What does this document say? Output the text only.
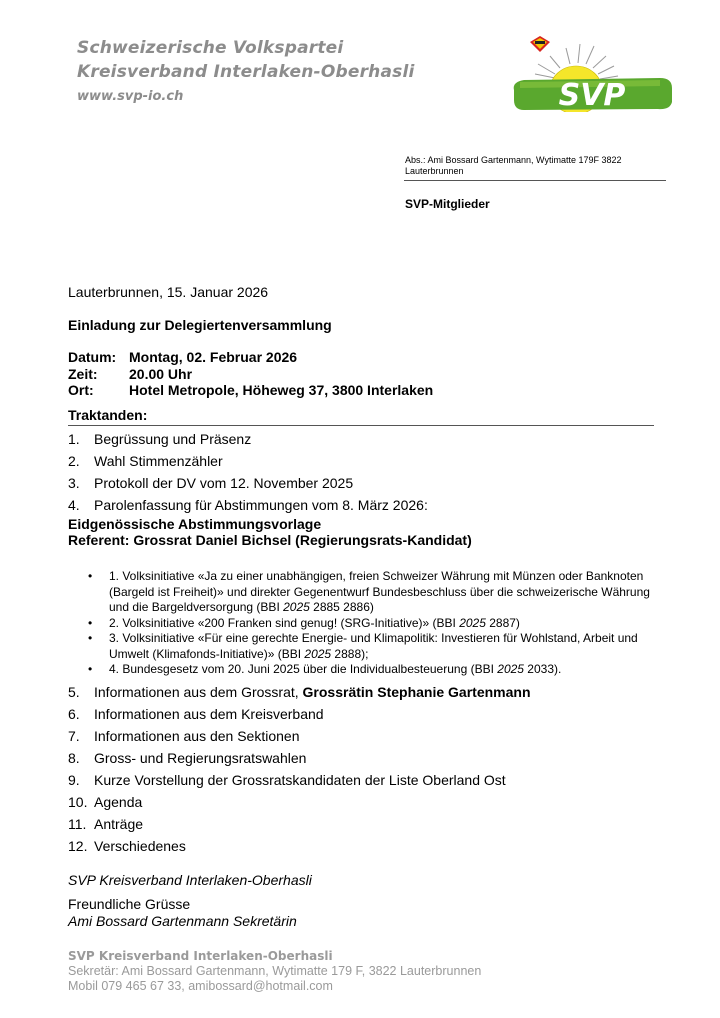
Schweizerische Volkspartei
Kreisverband Interlaken-Oberhasli
www.svp-io.ch	SVP
Abs.: Ami Bossard Gartenmann, Wytimatte 179F 3822
Lauterbrunnen
SVP-Mitglieder
Lauterbrunnen, 15. Januar 2026
Einladung zur Delegiertenversammlung
Datum: Montag, 02. Februar 2026
Zeit:	20.00 Uhr
Ort:	Hotel Metropole, Höheweg 37, 3800 Interlaken
Traktanden:
1.	Begrüssung und Präsenz
2.	Wahl Stimmenzähler
3.	Protokoll der DV vom 12. November 2025
4.	Parolenfassung für Abstimmungen vom 8. März 2026:
Eidgenössische Abstimmungsvorlage
Referent: Grossrat Daniel Bichsel (Regierungsrats-Kandidat)
•	1. Volksinitiative «Ja zu einer unabhängigen, freien Schweizer Währung mit Münzen oder Banknoten (Bargeld ist Freiheit)» und direkter Gegenentwurf Bundesbeschluss über die schweizerische Währung und die Bargeldversorgung (BBI 2025 2885 2886)
•	2. Volksinitiative «200 Franken sind genug! (SRG-Initiative)» (BBI 2025 2887)
•	3. Volksinitiative «Für eine gerechte Energie- und Klimapolitik: Investieren für Wohlstand, Arbeit und Umwelt (Klimafonds-Initiative)» (BBI 2025 2888);
•	4. Bundesgesetz vom 20. Juni 2025 über die Individualbesteuerung (BBI 2025 2033).
5.	Informationen aus dem Grossrat, Grossrätin Stephanie Gartenmann
6.	Informationen aus dem Kreisverband
7.	Informationen aus den Sektionen
8.	Gross- und Regierungsratswahlen
9.	Kurze Vorstellung der Grossratskandidaten der Liste Oberland Ost
10. Agenda
11. Anträge
12. Verschiedenes
SVP Kreisverband Interlaken-Oberhasli
Freundliche Grüsse
Ami Bossard Gartenmann Sekretärin
SVP Kreisverband Interlaken-Oberhasli
Sekretär: Ami Bossard Gartenmann, Wytimatte 179 F, 3822 Lauterbrunnen
Mobil 079 465 67 33, amibossard@hotmail.com
